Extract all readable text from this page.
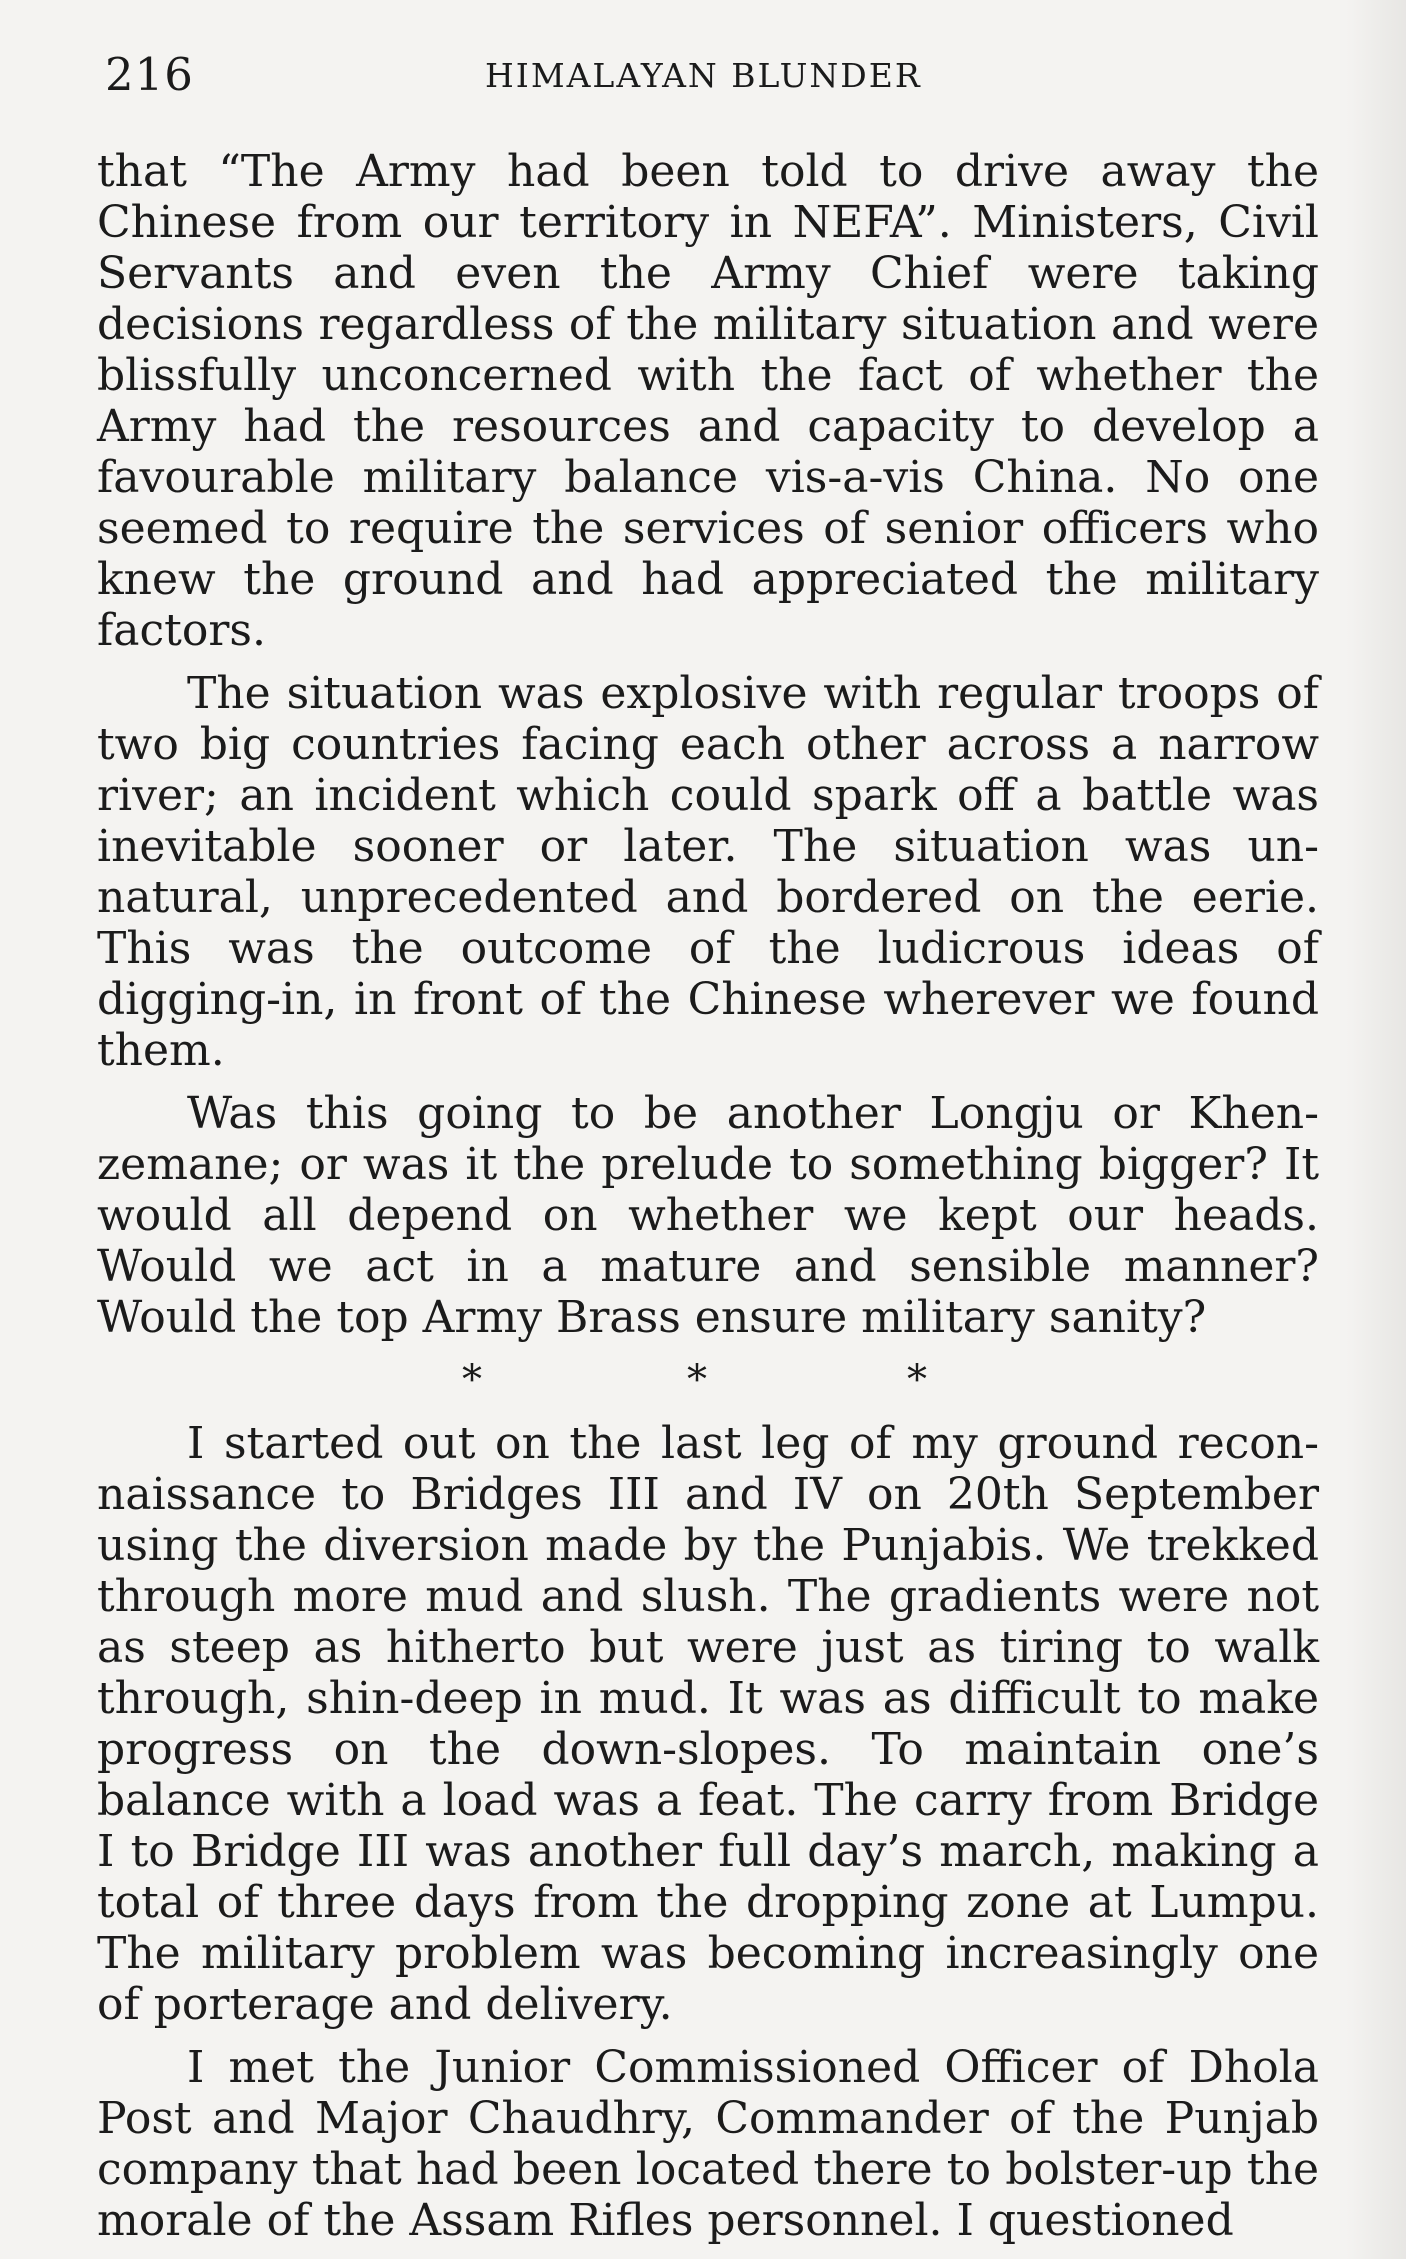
216	HIMALAYAN BLUNDER

that “The Army had been told to drive away the Chinese from our territory in NEFA”. Ministers, Civil Servants and even the Army Chief were taking decisions regardless of the military situation and were blissfully unconcerned with the fact of whether the Army had the resources and capacity to develop a favourable military balance vis-a-vis China. No one seemed to require the services of senior officers who knew the ground and had appreciated the military factors.

The situation was explosive with regular troops of two big countries facing each other across a narrow river; an incident which could spark off a battle was inevitable sooner or later. The situation was unnatural, unprecedented and bordered on the eerie. This was the outcome of the ludicrous ideas of digging-in, in front of the Chinese wherever we found them.

Was this going to be another Longju or Khenzemane; or was it the prelude to something bigger? It would all depend on whether we kept our heads. Would we act in a mature and sensible manner? Would the top Army Brass ensure military sanity?

*	*	*

I started out on the last leg of my ground reconnaissance to Bridges III and IV on 20th September using the diversion made by the Punjabis. We trekked through more mud and slush. The gradients were not as steep as hitherto but were just as tiring to walk through, shin-deep in mud. It was as difficult to make progress on the down-slopes. To maintain one’s balance with a load was a feat. The carry from Bridge I to Bridge III was another full day’s march, making a total of three days from the dropping zone at Lumpu. The military problem was becoming increasingly one of porterage and delivery.

I met the Junior Commissioned Officer of Dhola Post and Major Chaudhry, Commander of the Punjab company that had been located there to bolster-up the morale of the Assam Rifles personnel. I questioned
